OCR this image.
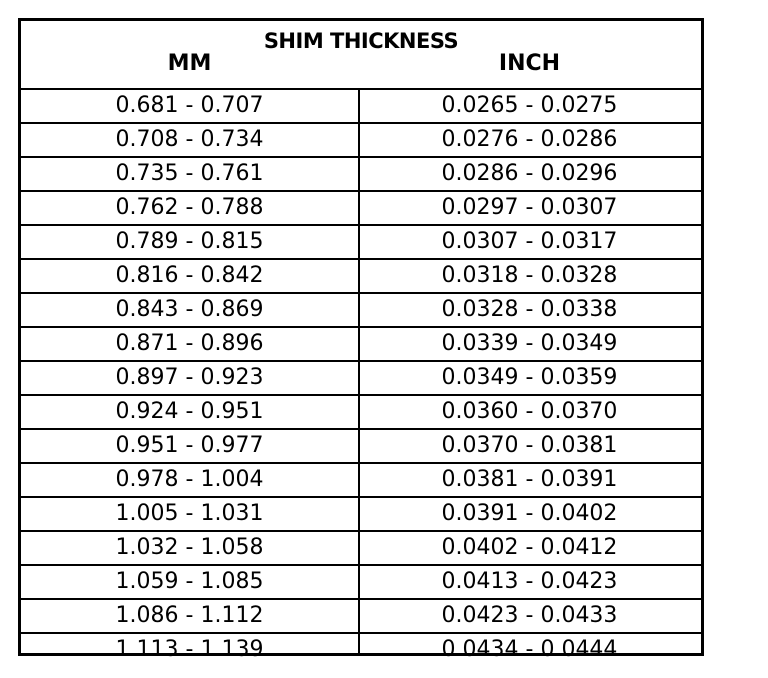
SHIM THICKNESS
MM	INCH
0.681 - 0.707	0.0265 - 0.0275
0.708 - 0.734	0.0276 - 0.0286
0.735 - 0.761	0.0286 - 0.0296
0.762 - 0.788	0.0297 - 0.0307
0.789 - 0.815	0.0307 - 0.0317
0.816 - 0.842	0.0318 - 0.0328
0.843 - 0.869	0.0328 - 0.0338
0.871 - 0.896	0.0339 - 0.0349
0.897 - 0.923	0.0349 - 0.0359
0.924 - 0.951	0.0360 - 0.0370
0.951 - 0.977	0.0370 - 0.0381
0.978 - 1.004	0.0381 - 0.0391
1.005 - 1.031	0.0391 - 0.0402
1.032 - 1.058	0.0402 - 0.0412
1.059 - 1.085	0.0413 - 0.0423
1.086 - 1.112	0.0423 - 0.0433
1.113 - 1.139	0.0434 - 0.0444
